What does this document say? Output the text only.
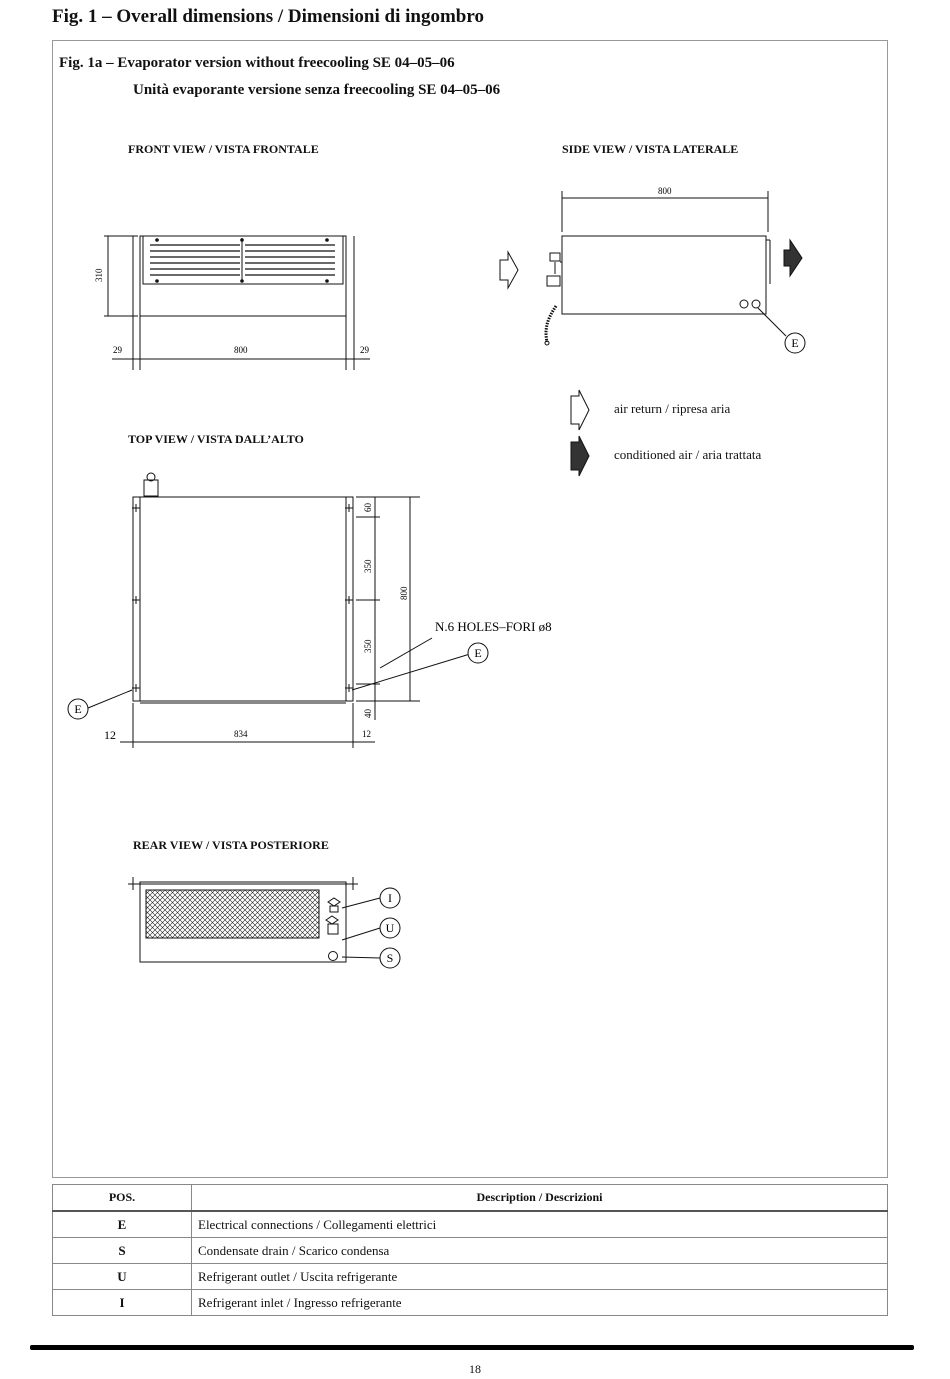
Fig. 1 – Overall dimensions / Dimensioni di ingombro
Fig. 1a – Evaporator version without freecooling SE 04–05–06
Unità evaporante versione senza freecooling SE 04–05–06
FRONT VIEW / VISTA FRONTALE	SIDE VIEW / VISTA LATERALE
TOP VIEW / VISTA DALL’ALTO
REAR VIEW / VISTA POSTERIORE
air return / ripresa aria
conditioned air / aria trattata
310
29	800	29
800
E
60
350
350
40
800
834
12	12
N.6 HOLES–FORI ø8
E
E
I
U
S
POS.	Description / Descrizioni
E	Electrical connections / Collegamenti elettrici
S	Condensate drain / Scarico condensa
U	Refrigerant outlet / Uscita refrigerante
I	Refrigerant inlet / Ingresso refrigerante
18
